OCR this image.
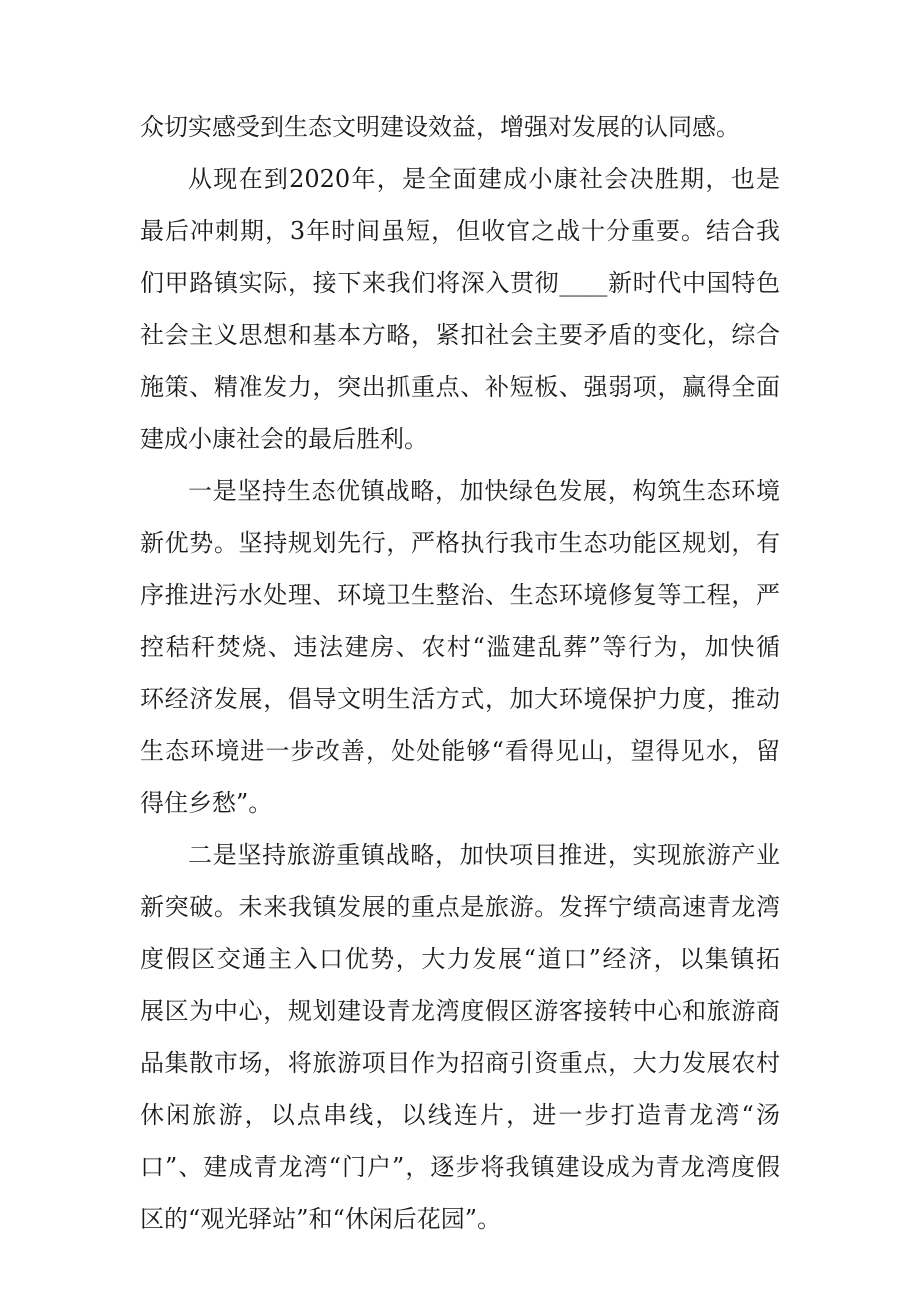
众切实感受到生态文明建设效益，增强对发展的认同感。
从现在到2020年，是全面建成小康社会决胜期，也是
最后冲刺期，3年时间虽短，但收官之战十分重要。结合我
们甲路镇实际，接下来我们将深入贯彻____新时代中国特色
社会主义思想和基本方略，紧扣社会主要矛盾的变化，综合
施策、精准发力，突出抓重点、补短板、强弱项，赢得全面
建成小康社会的最后胜利。
一是坚持生态优镇战略，加快绿色发展，构筑生态环境
新优势。坚持规划先行，严格执行我市生态功能区规划，有
序推进污水处理、环境卫生整治、生态环境修复等工程，严
控秸秆焚烧、违法建房、农村“滥建乱葬”等行为，加快循
环经济发展，倡导文明生活方式，加大环境保护力度，推动
生态环境进一步改善，处处能够“看得见山，望得见水，留
得住乡愁”。
二是坚持旅游重镇战略，加快项目推进，实现旅游产业
新突破。未来我镇发展的重点是旅游。发挥宁绩高速青龙湾
度假区交通主入口优势，大力发展“道口”经济，以集镇拓
展区为中心，规划建设青龙湾度假区游客接转中心和旅游商
品集散市场，将旅游项目作为招商引资重点，大力发展农村
休闲旅游，以点串线，以线连片，进一步打造青龙湾“汤
口”、建成青龙湾“门户”，逐步将我镇建设成为青龙湾度假
区的“观光驿站”和“休闲后花园”。
